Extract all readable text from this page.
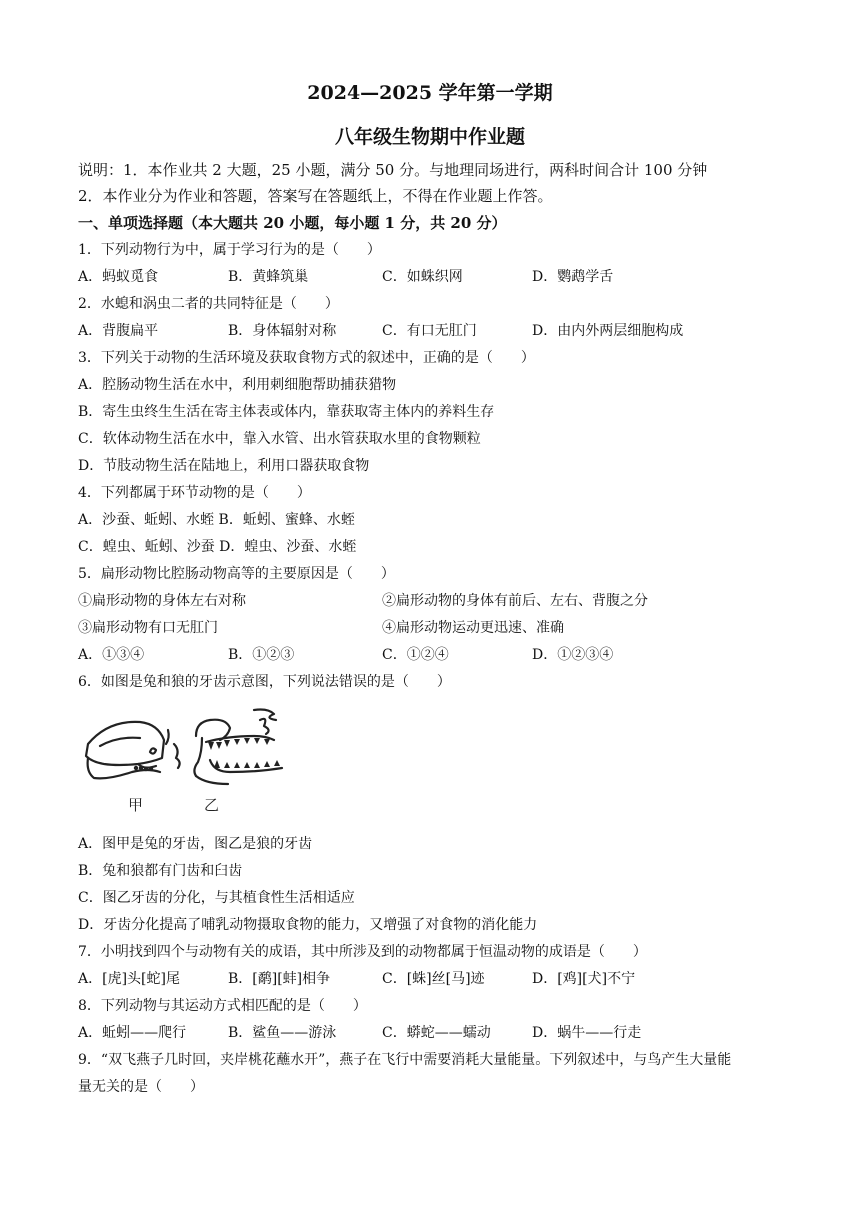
2024—2025 学年第一学期
八年级生物期中作业题
说明：1．本作业共 2 大题，25 小题，满分 50 分。与地理同场进行，两科时间合计 100 分钟
2．本作业分为作业和答题，答案写在答题纸上，不得在作业题上作答。
一、单项选择题（本大题共 20 小题，每小题 1 分，共 20 分）
1．下列动物行为中，属于学习行为的是（　　）
A．蚂蚁觅食	B．黄蜂筑巢	C．如蛛织网	D．鹦鹉学舌
2．水螅和涡虫二者的共同特征是（　　）
A．背腹扁平	B．身体辐射对称	C．有口无肛门	D．由内外两层细胞构成
3．下列关于动物的生活环境及获取食物方式的叙述中，正确的是（　　）
A．腔肠动物生活在水中，利用刺细胞帮助捕获猎物
B．寄生虫终生生活在寄主体表或体内，靠获取寄主体内的养料生存
C．软体动物生活在水中，靠入水管、出水管获取水里的食物颗粒
D．节肢动物生活在陆地上，利用口器获取食物
4．下列都属于环节动物的是（　　）
A．沙蚕、蚯蚓、水蛭 B．蚯蚓、蜜蜂、水蛭
C．蝗虫、蚯蚓、沙蚕 D．蝗虫、沙蚕、水蛭
5．扁形动物比腔肠动物高等的主要原因是（　　）
①扁形动物的身体左右对称	②扁形动物的身体有前后、左右、背腹之分
③扁形动物有口无肛门	④扁形动物运动更迅速、准确
A．①③④	B．①②③	C．①②④	D．①②③④
6．如图是兔和狼的牙齿示意图，下列说法错误的是（　　）
甲	乙
A．图甲是兔的牙齿，图乙是狼的牙齿
B．兔和狼都有门齿和臼齿
C．图乙牙齿的分化，与其植食性生活相适应
D．牙齿分化提高了哺乳动物摄取食物的能力，又增强了对食物的消化能力
7．小明找到四个与动物有关的成语，其中所涉及到的动物都属于恒温动物的成语是（　　）
A．[虎]头[蛇]尾	B．[鹬][蚌]相争	C．[蛛]丝[马]迹	D．[鸡][犬]不宁
8．下列动物与其运动方式相匹配的是（　　）
A．蚯蚓——爬行	B．鲨鱼——游泳	C．蟒蛇——蠕动	D．蜗牛——行走
9．“双飞燕子几时回，夹岸桃花蘸水开”，燕子在飞行中需要消耗大量能量。下列叙述中，与鸟产生大量能
量无关的是（　　）
